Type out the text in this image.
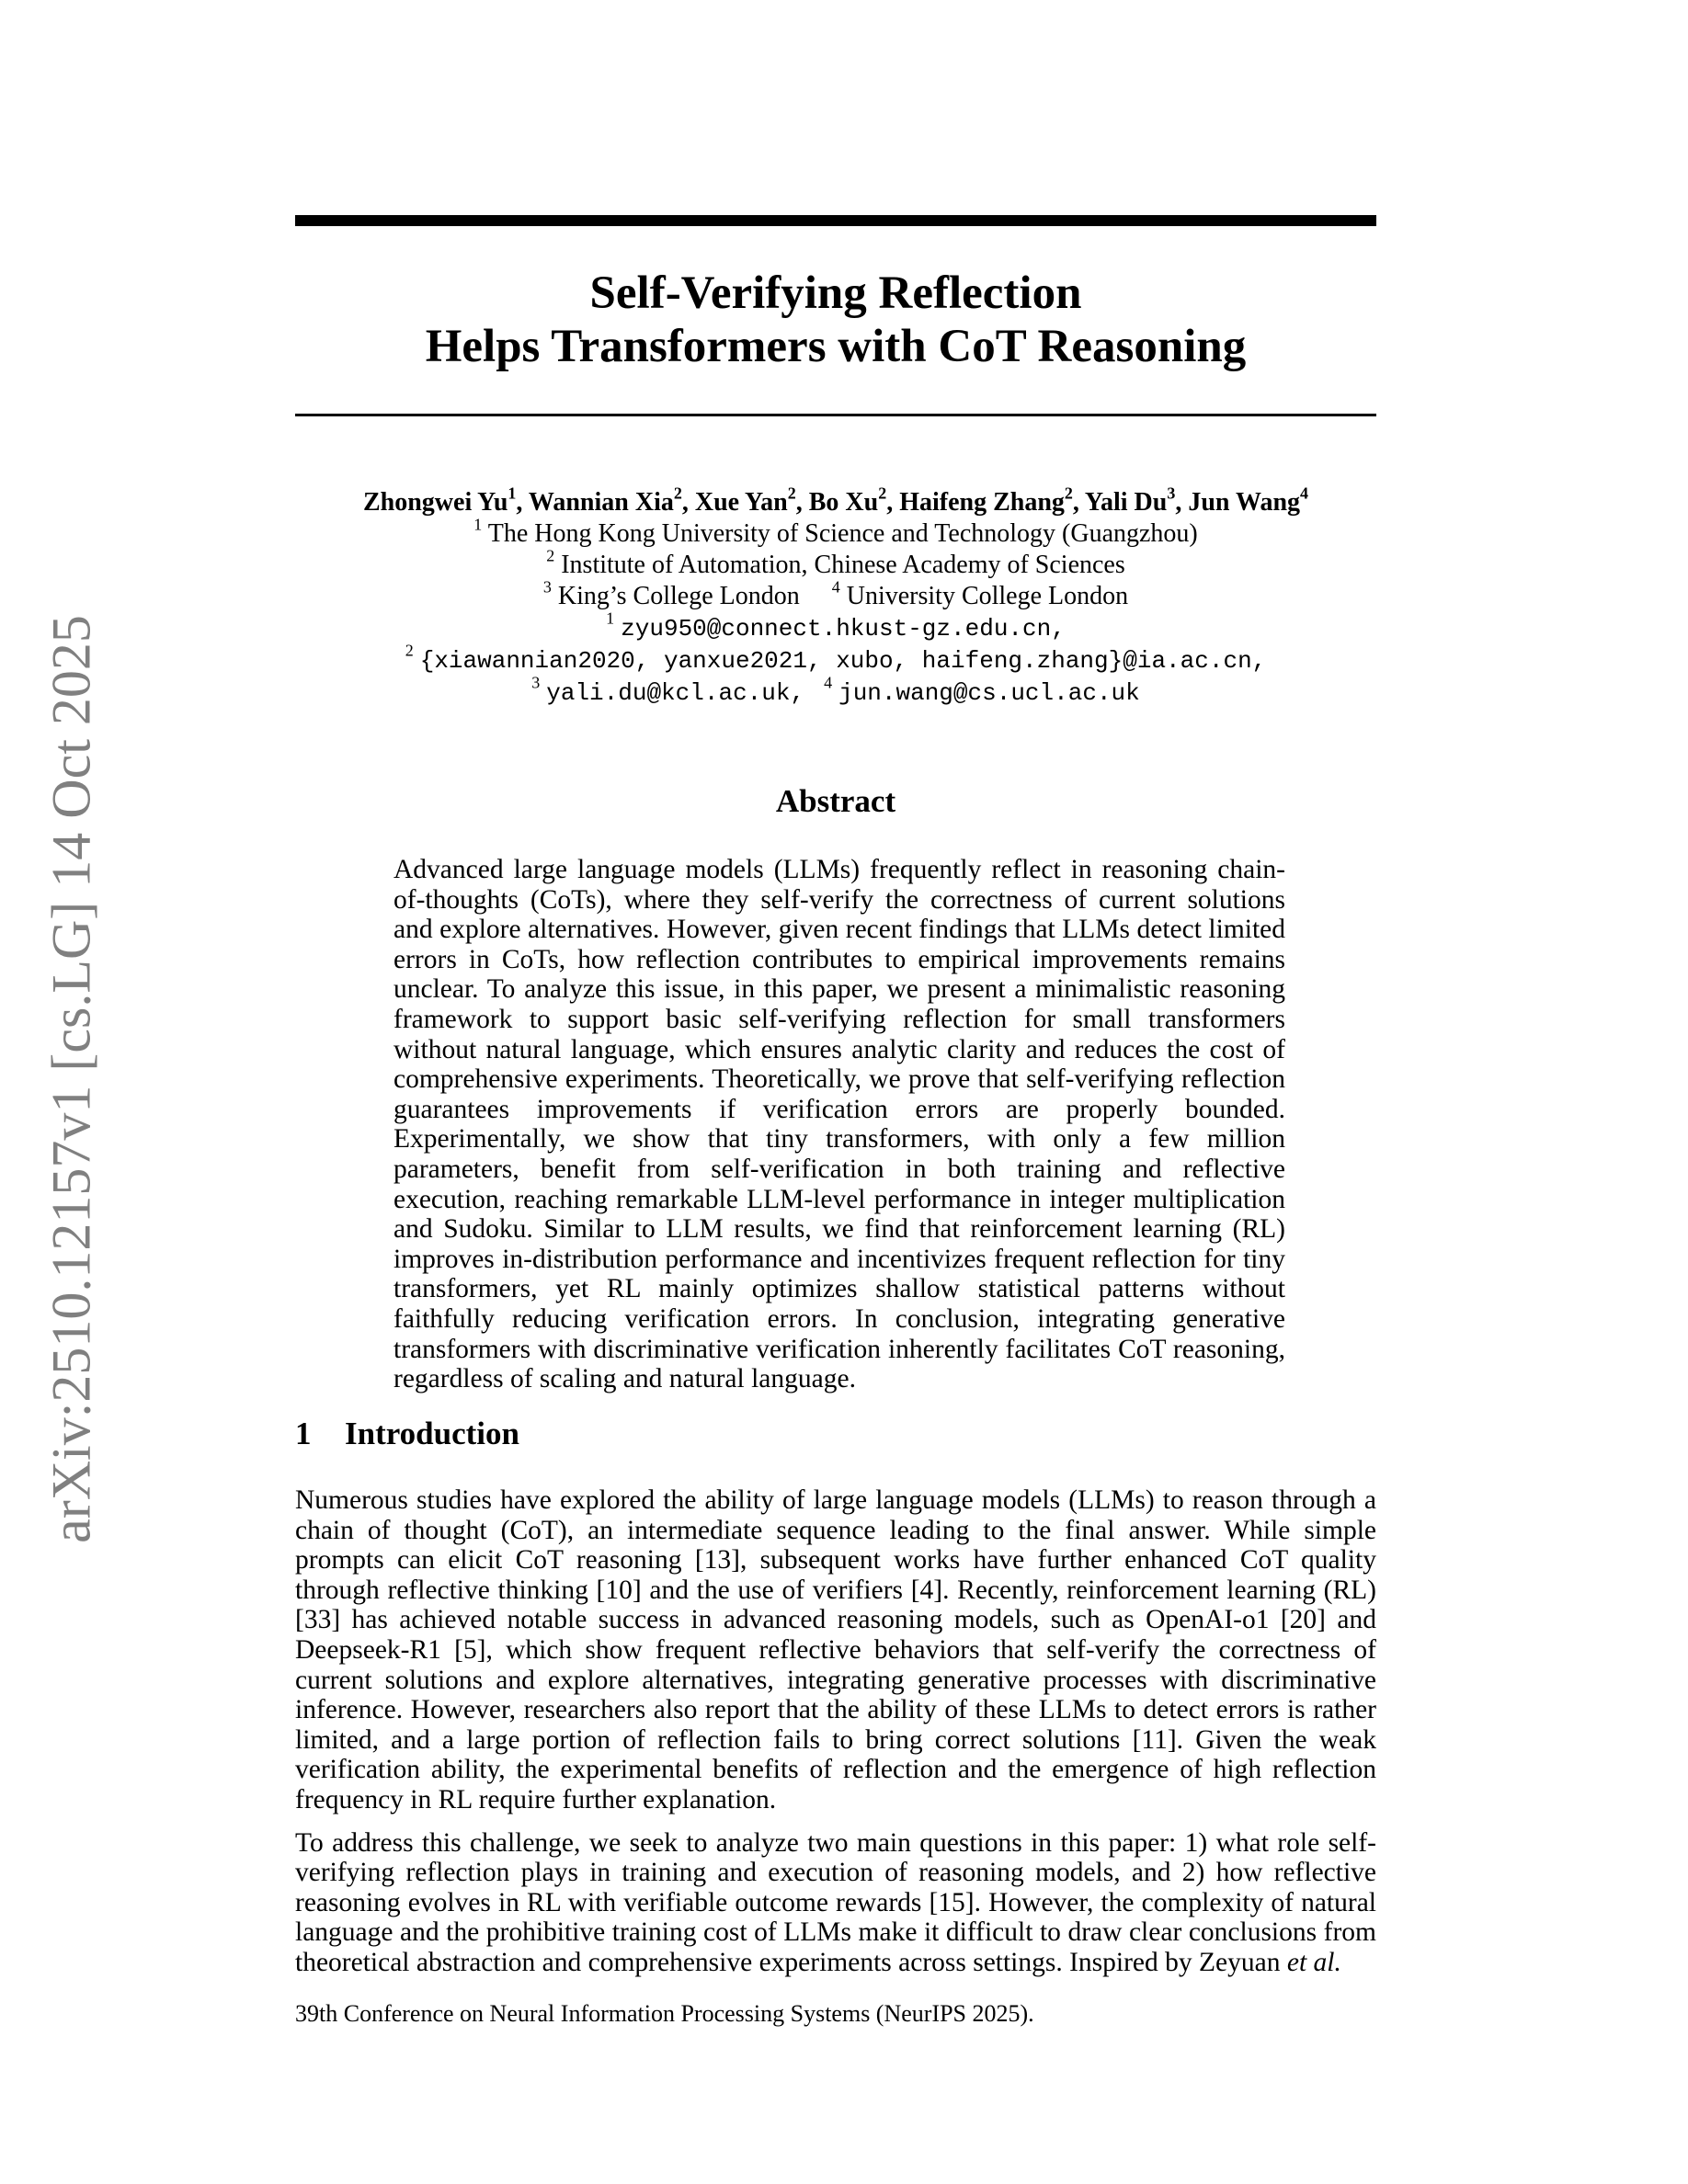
arXiv:2510.12157v1 [cs.LG] 14 Oct 2025
Self-Verifying Reflection
Helps Transformers with CoT Reasoning
Zhongwei Yu$^1$, Wannian Xia$^2$, Xue Yan$^2$, Bo Xu$^2$, Haifeng Zhang$^2$, Yali Du$^3$, Jun Wang$^4$
$^1$ The Hong Kong University of Science and Technology (Guangzhou)
$^2$ Institute of Automation, Chinese Academy of Sciences
$^3$ King’s College London $^4$ University College London
$^1$ zyu950@connect.hkust-gz.edu.cn,
$^2$ {xiawannian2020, yanxue2021, xubo, haifeng.zhang}@ia.ac.cn,
$^3$ yali.du@kcl.ac.uk, $^4$ jun.wang@cs.ucl.ac.uk
Abstract
Advanced large language models (LLMs) frequently reflect in reasoning chain-of-thoughts (CoTs), where they self-verify the correctness of current solutions and explore alternatives. However, given recent findings that LLMs detect limited errors in CoTs, how reflection contributes to empirical improvements remains unclear. To analyze this issue, in this paper, we present a minimalistic reasoning framework to support basic self-verifying reflection for small transformers without natural language, which ensures analytic clarity and reduces the cost of comprehensive experiments. Theoretically, we prove that self-verifying reflection guarantees improvements if verification errors are properly bounded. Experimentally, we show that tiny transformers, with only a few million parameters, benefit from self-verification in both training and reflective execution, reaching remarkable LLM-level performance in integer multiplication and Sudoku. Similar to LLM results, we find that reinforcement learning (RL) improves in-distribution performance and incentivizes frequent reflection for tiny transformers, yet RL mainly optimizes shallow statistical patterns without faithfully reducing verification errors. In conclusion, integrating generative transformers with discriminative verification inherently facilitates CoT reasoning, regardless of scaling and natural language.
1 Introduction

Numerous studies have explored the ability of large language models (LLMs) to reason through a chain of thought (CoT), an intermediate sequence leading to the final answer. While simple prompts can elicit CoT reasoning [13], subsequent works have further enhanced CoT quality through reflective thinking [10] and the use of verifiers [4]. Recently, reinforcement learning (RL) [33] has achieved notable success in advanced reasoning models, such as OpenAI-o1 [20] and Deepseek-R1 [5], which show frequent reflective behaviors that self-verify the correctness of current solutions and explore alternatives, integrating generative processes with discriminative inference. However, researchers also report that the ability of these LLMs to detect errors is rather limited, and a large portion of reflection fails to bring correct solutions [11]. Given the weak verification ability, the experimental benefits of reflection and the emergence of high reflection frequency in RL require further explanation.

To address this challenge, we seek to analyze two main questions in this paper: 1) what role self-verifying reflection plays in training and execution of reasoning models, and 2) how reflective reasoning evolves in RL with verifiable outcome rewards [15]. However, the complexity of natural language and the prohibitive training cost of LLMs make it difficult to draw clear conclusions from theoretical abstraction and comprehensive experiments across settings. Inspired by Zeyuan et al.

39th Conference on Neural Information Processing Systems (NeurIPS 2025).
